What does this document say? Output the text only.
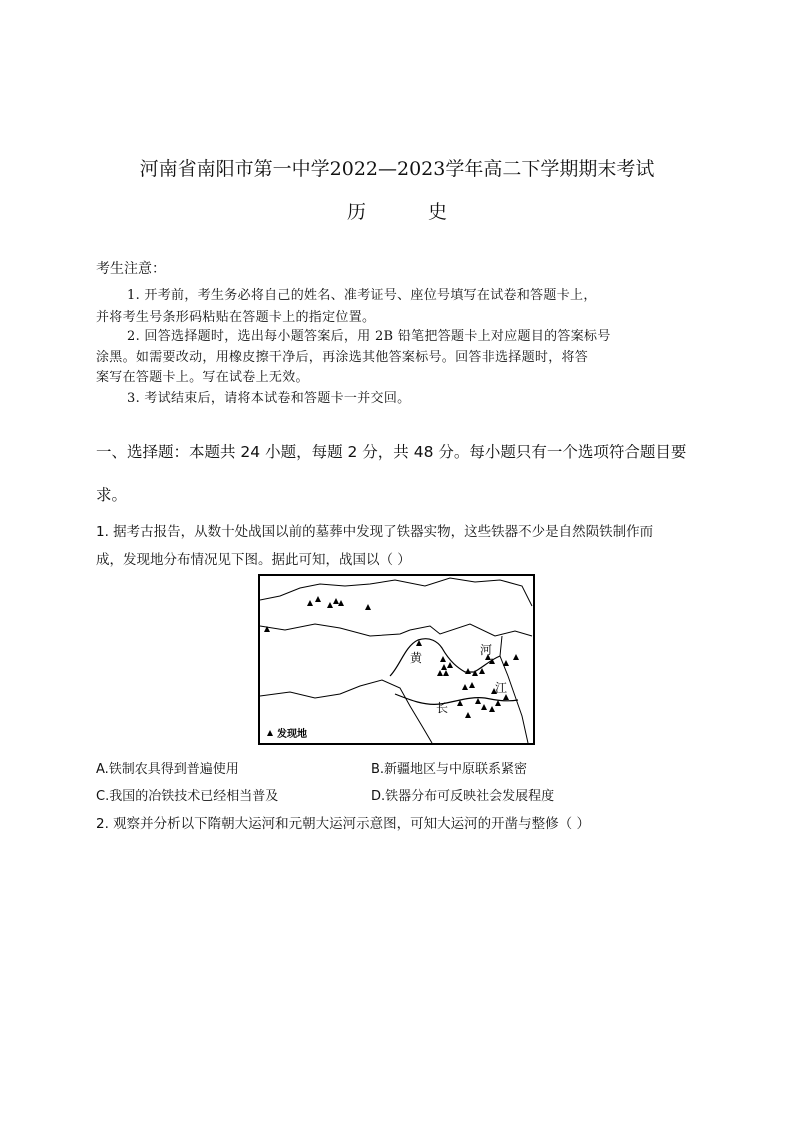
河南省南阳市第一中学2022—2023学年高二下学期期末考试
历	史
考生注意：
1. 开考前，考生务必将自己的姓名、准考证号、座位号填写在试卷和答题卡上，
并将考生号条形码粘贴在答题卡上的指定位置。
2. 回答选择题时，选出每小题答案后，用 2B 铅笔把答题卡上对应题目的答案标号
涂黑。如需要改动，用橡皮擦干净后，再涂选其他答案标号。回答非选择题时，将答
案写在答题卡上。写在试卷上无效。
3. 考试结束后，请将本试卷和答题卡一并交回。
一、选择题：本题共 24 小题，每题 2 分，共 48 分。每小题只有一个选项符合题目要
求。
1. 据考古报告，从数十处战国以前的墓葬中发现了铁器实物，这些铁器不少是自然陨铁制作而
成，发现地分布情况见下图。据此可知，战国以（ ）
黄
河
长
江
发现地
A.铁制农具得到普遍使用	B.新疆地区与中原联系紧密
C.我国的冶铁技术已经相当普及	D.铁器分布可反映社会发展程度
2. 观察并分析以下隋朝大运河和元朝大运河示意图，可知大运河的开凿与整修（ ）
